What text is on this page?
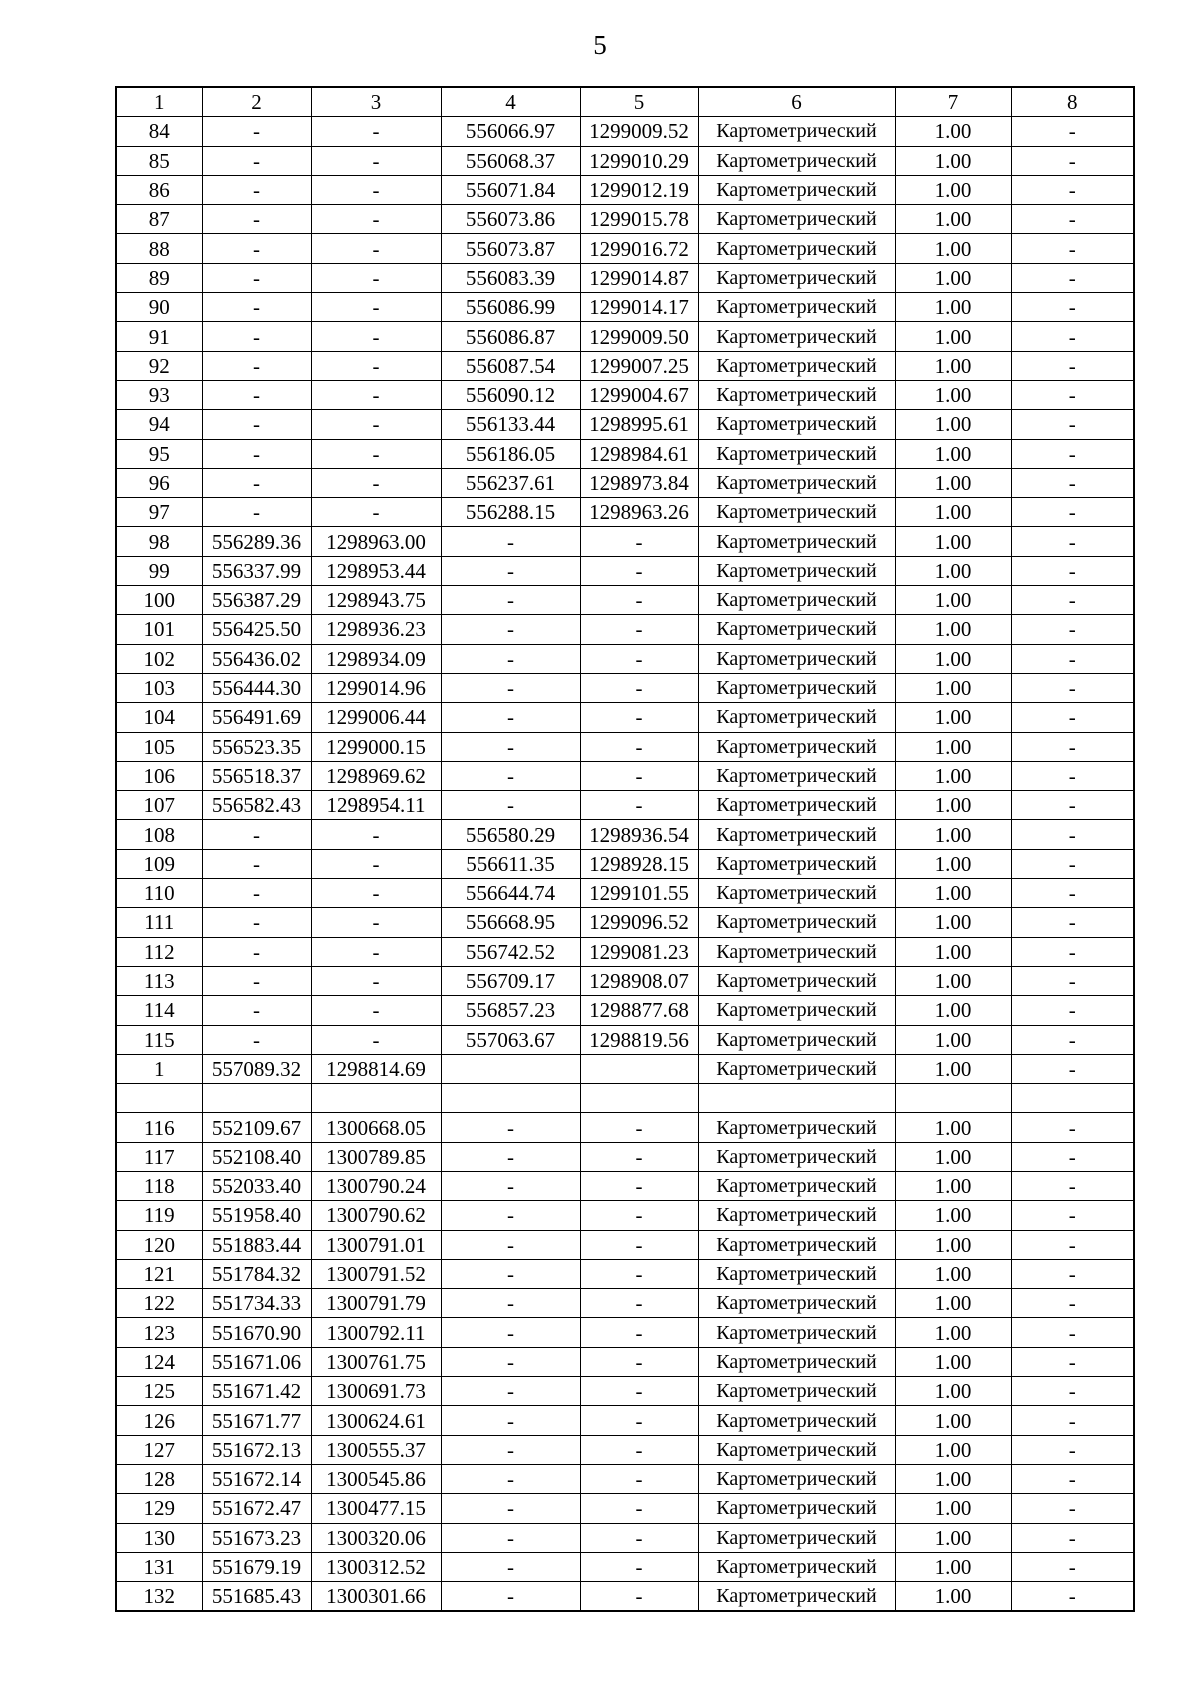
5
1	2	3	4	5	6	7	8
84	-	-	556066.97	1299009.52	Картометрический	1.00	-
85	-	-	556068.37	1299010.29	Картометрический	1.00	-
86	-	-	556071.84	1299012.19	Картометрический	1.00	-
87	-	-	556073.86	1299015.78	Картометрический	1.00	-
88	-	-	556073.87	1299016.72	Картометрический	1.00	-
89	-	-	556083.39	1299014.87	Картометрический	1.00	-
90	-	-	556086.99	1299014.17	Картометрический	1.00	-
91	-	-	556086.87	1299009.50	Картометрический	1.00	-
92	-	-	556087.54	1299007.25	Картометрический	1.00	-
93	-	-	556090.12	1299004.67	Картометрический	1.00	-
94	-	-	556133.44	1298995.61	Картометрический	1.00	-
95	-	-	556186.05	1298984.61	Картометрический	1.00	-
96	-	-	556237.61	1298973.84	Картометрический	1.00	-
97	-	-	556288.15	1298963.26	Картометрический	1.00	-
98	556289.36	1298963.00	-	-	Картометрический	1.00	-
99	556337.99	1298953.44	-	-	Картометрический	1.00	-
100	556387.29	1298943.75	-	-	Картометрический	1.00	-
101	556425.50	1298936.23	-	-	Картометрический	1.00	-
102	556436.02	1298934.09	-	-	Картометрический	1.00	-
103	556444.30	1299014.96	-	-	Картометрический	1.00	-
104	556491.69	1299006.44	-	-	Картометрический	1.00	-
105	556523.35	1299000.15	-	-	Картометрический	1.00	-
106	556518.37	1298969.62	-	-	Картометрический	1.00	-
107	556582.43	1298954.11	-	-	Картометрический	1.00	-
108	-	-	556580.29	1298936.54	Картометрический	1.00	-
109	-	-	556611.35	1298928.15	Картометрический	1.00	-
110	-	-	556644.74	1299101.55	Картометрический	1.00	-
111	-	-	556668.95	1299096.52	Картометрический	1.00	-
112	-	-	556742.52	1299081.23	Картометрический	1.00	-
113	-	-	556709.17	1298908.07	Картометрический	1.00	-
114	-	-	556857.23	1298877.68	Картометрический	1.00	-
115	-	-	557063.67	1298819.56	Картометрический	1.00	-
1	557089.32	1298814.69			Картометрический	1.00	-

116	552109.67	1300668.05	-	-	Картометрический	1.00	-
117	552108.40	1300789.85	-	-	Картометрический	1.00	-
118	552033.40	1300790.24	-	-	Картометрический	1.00	-
119	551958.40	1300790.62	-	-	Картометрический	1.00	-
120	551883.44	1300791.01	-	-	Картометрический	1.00	-
121	551784.32	1300791.52	-	-	Картометрический	1.00	-
122	551734.33	1300791.79	-	-	Картометрический	1.00	-
123	551670.90	1300792.11	-	-	Картометрический	1.00	-
124	551671.06	1300761.75	-	-	Картометрический	1.00	-
125	551671.42	1300691.73	-	-	Картометрический	1.00	-
126	551671.77	1300624.61	-	-	Картометрический	1.00	-
127	551672.13	1300555.37	-	-	Картометрический	1.00	-
128	551672.14	1300545.86	-	-	Картометрический	1.00	-
129	551672.47	1300477.15	-	-	Картометрический	1.00	-
130	551673.23	1300320.06	-	-	Картометрический	1.00	-
131	551679.19	1300312.52	-	-	Картометрический	1.00	-
132	551685.43	1300301.66	-	-	Картометрический	1.00	-
